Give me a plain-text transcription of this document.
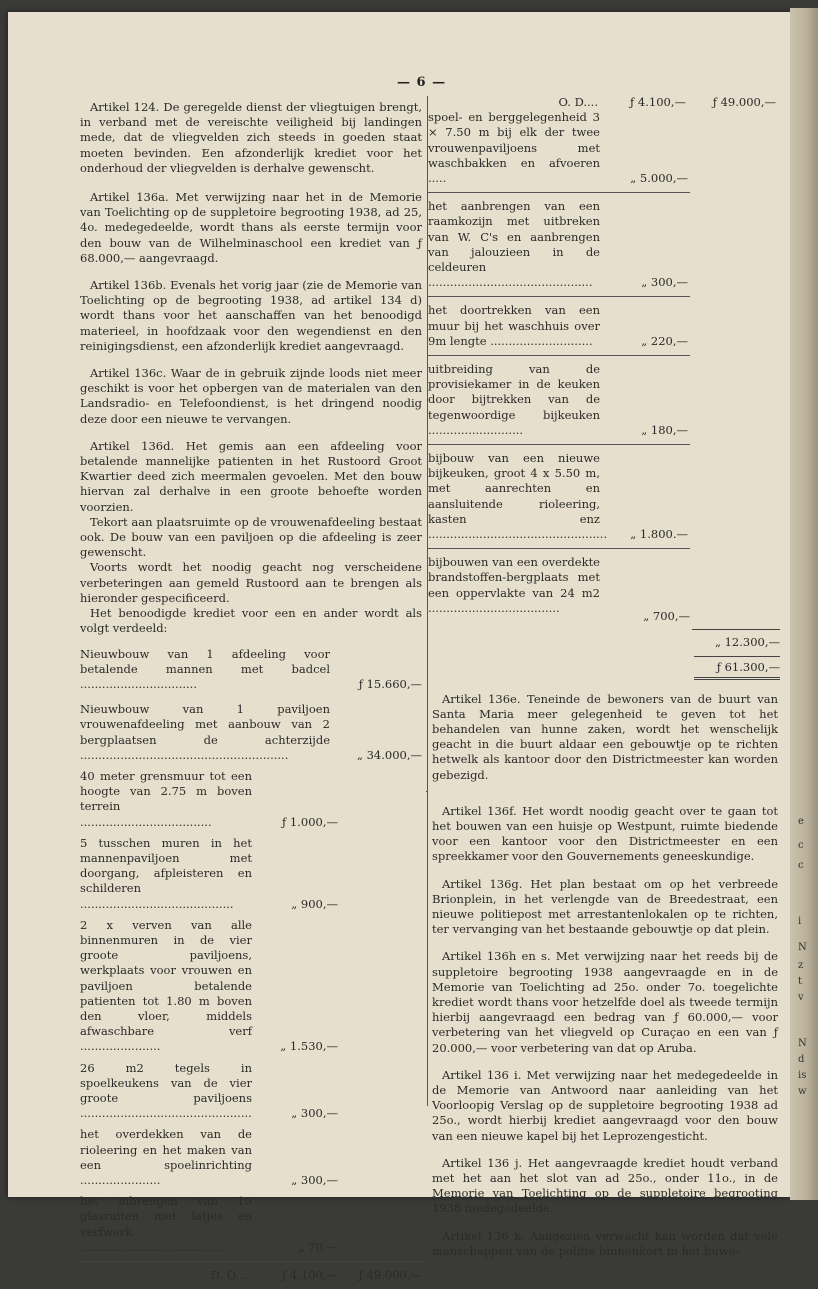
e
c
c
i
N
z
t
v
N
d
is
w
— 6 —

Artikel 124. De geregelde dienst der vliegtuigen brengt, in verband met de vereischte veiligheid bij landingen mede, dat de vliegvelden zich steeds in goeden staat moeten bevinden. Een afzonderlijk krediet voor het onderhoud der vliegvelden is derhalve gewenscht.

Artikel 136a. Met verwijzing naar het in de Memorie van Toelichting op de suppletoire begrooting 1938, ad 25, 4o. medegedeelde, wordt thans als eerste termijn voor den bouw van de Wilhelminaschool een krediet van ƒ 68.000,— aangevraagd.

Artikel 136b. Evenals het vorig jaar (zie de Memorie van Toelichting op de begrooting 1938, ad artikel 134 d) wordt thans voor het aanschaffen van het benoodigd materieel, in hoofdzaak voor den wegendienst en den reinigingsdienst, een afzonderlijk krediet aangevraagd.

Artikel 136c. Waar de in gebruik zijnde loods niet meer geschikt is voor het opbergen van de materialen van den Landsradio- en Telefoondienst, is het dringend noodig deze door een nieuwe te vervangen.

Artikel 136d. Het gemis aan een afdeeling voor betalende mannelijke patienten in het Rustoord Groot Kwartier deed zich meermalen gevoelen. Met den bouw hiervan zal derhalve in een groote behoefte worden voorzien.

Tekort aan plaatsruimte op de vrouwenafdeeling bestaat ook. De bouw van een paviljoen op die afdeeling is zeer gewenscht.

Voorts wordt het noodig geacht nog verscheidene verbeteringen aan gemeld Rustoord aan te brengen als hieronder gespecificeerd.

Het benoodigde krediet voor een en ander wordt als volgt verdeeld:

Nieuwbouw van 1 afdeeling voor betalende mannen met badcel ................................	ƒ 15.660,—
Nieuwbouw van 1 paviljoen vrouwenafdeeling met aanbouw van 2 bergplaatsen de achterzijde .........................................................	„ 34.000,—
40 meter grensmuur tot een hoogte van 2.75 m boven terrein ....................................	ƒ 1.000,—
5 tusschen muren in het mannenpaviljoen met doorgang, afpleisteren en schilderen ..........................................	„ 900,—
2 x verven van alle binnenmuren in de vier groote paviljoens, werkplaats voor vrouwen en paviljoen betalende patienten tot 1.80 m boven den vloer, middels afwaschbare verf ......................	„ 1.530,—
26 m2 tegels in spoelkeukens van de vier groote paviljoens ...............................................	„ 300,—
het overdekken van de rioleering en het maken van een spoelinrichting ......................	„ 300,—
het inbrengen van 10 glasruiten met latjes en verfwerk .......................................	„ 70.—
D. O....	ƒ 4.100,—	ƒ 49.000,—
O. D....	ƒ 4.100,—	ƒ 49.000,—
spoel- en berggelegenheid 3 × 7.50 m bij elk der twee vrouwenpaviljoens met waschbakken en afvoeren .....	„ 5.000,—
het aanbrengen van een raamkozijn met uitbreken van W. C's en aanbrengen van jalouzieen in de celdeuren .............................................	„ 300,—
het doortrekken van een muur bij het waschhuis over 9m lengte ............................	„ 220,—
uitbreiding van de provisiekamer in de keuken door bijtrekken van de tegenwoordige bijkeuken ..........................	„ 180,—
bijbouw van een nieuwe bijkeuken, groot 4 x 5.50 m, met aanrechten en aansluitende rioleering, kasten enz .................................................	„ 1.800.—
bijbouwen van een overdekte brandstoffen-bergplaats met een oppervlakte van 24 m2 ....................................
„ 700,—
„ 12.300,—
ƒ 61.300,—

Artikel 136e. Teneinde de bewoners van de buurt van Santa Maria meer gelegenheid te geven tot het behandelen van hunne zaken, wordt het wenschelijk geacht in die buurt aldaar een gebouwtje op te richten hetwelk als kantoor door den Districtmeester kan worden gebezigd.

Artikel 136f. Het wordt noodig geacht over te gaan tot het bouwen van een huisje op Westpunt, ruimte biedende voor een kantoor voor den Districtmeester en een spreekkamer voor den Gouvernements geneeskundige.

Artikel 136g. Het plan bestaat om op het verbreede Brionplein, in het verlengde van de Breedestraat, een nieuwe politiepost met arrestantenlokalen op te richten, ter vervanging van het bestaande gebouwtje op dat plein.

Artikel 136h en s. Met verwijzing naar het reeds bij de suppletoire begrooting 1938 aangevraagde en in de Memorie van Toelichting ad 25o. onder 7o. toegelichte krediet wordt thans voor hetzelfde doel als tweede termijn hierbij aangevraagd een bedrag van ƒ 60.000,— voor verbetering van het vliegveld op Curaçao en een van ƒ 20.000,— voor verbetering van dat op Aruba.

Artikel 136 i. Met verwijzing naar het medegedeelde in de Memorie van Antwoord naar aanleiding van het Voorloopig Verslag op de suppletoire begrooting 1938 ad 25o., wordt hierbij krediet aangevraagd voor den bouw van een nieuwe kapel bij het Leprozengesticht.

Artikel 136 j. Het aangevraagde krediet houdt verband met het aan het slot van ad 25o., onder 11o., in de Memorie van Toelichting op de suppletoire begrooting 1938 medegedeelde.

Artikel 136 k. Aangezien verwacht kan worden dat vele manschappen van de politie binnenkort in het huwe-
